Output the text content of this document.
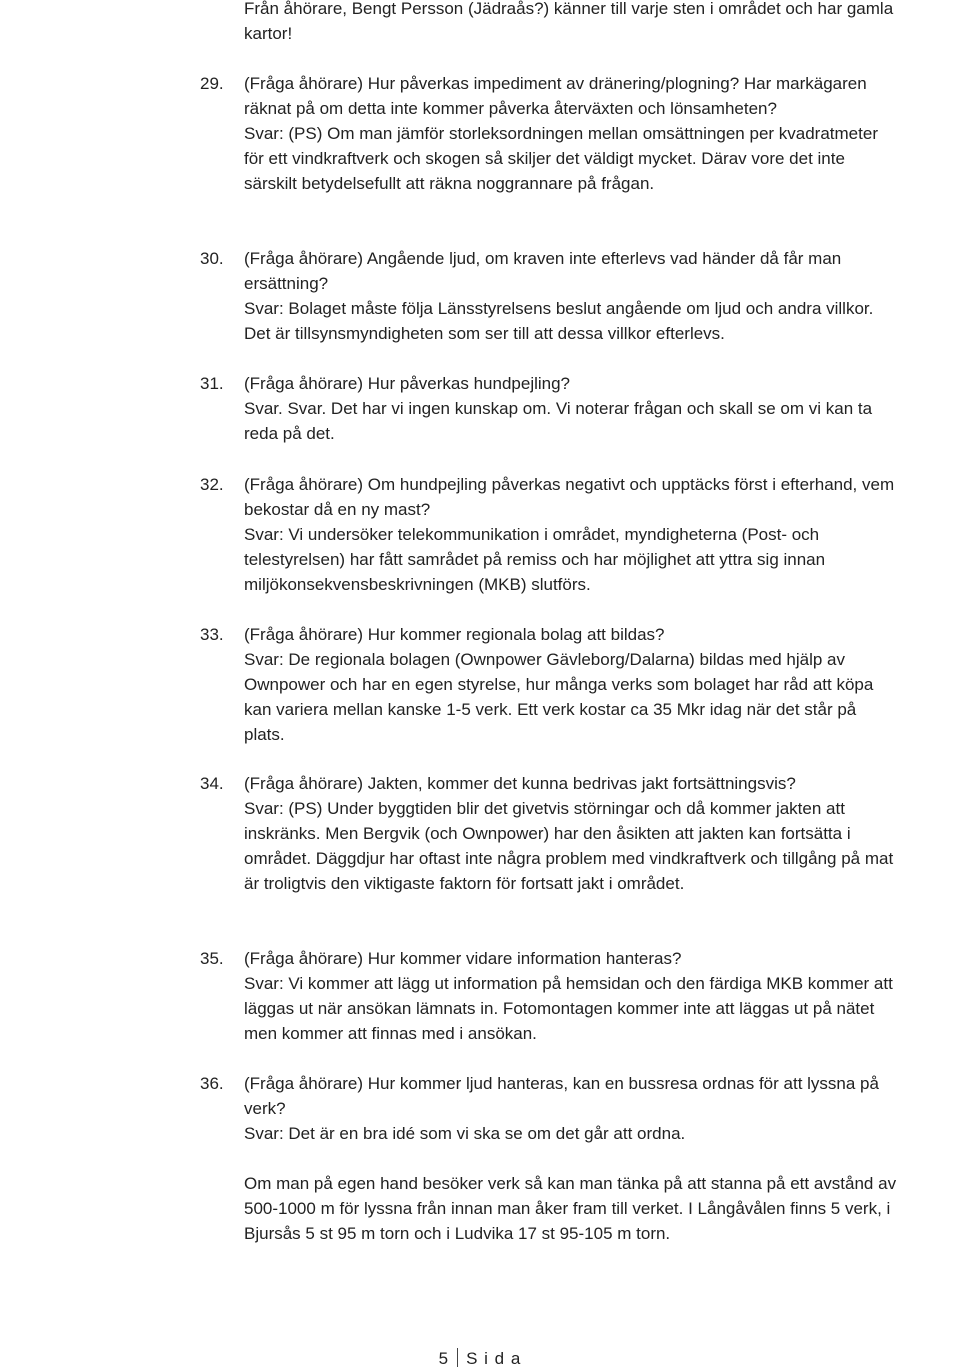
Från åhörare, Bengt Persson (Jädraås?) känner till varje sten i området och har gamla kartor!
29.	(Fråga åhörare) Hur påverkas impediment av dränering/plogning? Har markägaren räknat på om detta inte kommer påverka återväxten och lönsamheten?

Svar: (PS) Om man jämför storleksordningen mellan omsättningen per kvadratmeter för ett vindkraftverk och skogen så skiljer det väldigt mycket. Därav vore det inte särskilt betydelsefullt att räkna noggrannare på frågan.

30.	(Fråga åhörare) Angående ljud, om kraven inte efterlevs vad händer då får man ersättning?

Svar: Bolaget måste följa Länsstyrelsens beslut angående om ljud och andra villkor. Det är tillsynsmyndigheten som ser till att dessa villkor efterlevs.

31.	(Fråga åhörare) Hur påverkas hundpejling?

Svar. Svar. Det har vi ingen kunskap om. Vi noterar frågan och skall se om vi kan ta reda på det.

32.	(Fråga åhörare) Om hundpejling påverkas negativt och upptäcks först i efterhand, vem bekostar då en ny mast?

Svar: Vi undersöker telekommunikation i området, myndigheterna (Post- och telestyrelsen) har fått samrådet på remiss och har möjlighet att yttra sig innan miljökonsekvensbeskrivningen (MKB) slutförs.

33.	(Fråga åhörare) Hur kommer regionala bolag att bildas?

Svar: De regionala bolagen (Ownpower Gävleborg/Dalarna) bildas med hjälp av Ownpower och har en egen styrelse, hur många verks som bolaget har råd att köpa kan variera mellan kanske 1-5 verk. Ett verk kostar ca 35 Mkr idag när det står på plats.

34.	(Fråga åhörare) Jakten, kommer det kunna bedrivas jakt fortsättningsvis?

Svar: (PS) Under byggtiden blir det givetvis störningar och då kommer jakten att inskränks. Men Bergvik (och Ownpower) har den åsikten att jakten kan fortsätta i området. Däggdjur har oftast inte några problem med vindkraftverk och tillgång på mat är troligtvis den viktigaste faktorn för fortsatt jakt i området.

35.	(Fråga åhörare) Hur kommer vidare information hanteras?

Svar: Vi kommer att lägg ut information på hemsidan och den färdiga MKB kommer att läggas ut när ansökan lämnats in. Fotomontagen kommer inte att läggas ut på nätet men kommer att finnas med i ansökan.

36.	(Fråga åhörare) Hur kommer ljud hanteras, kan en bussresa ordnas för att lyssna på verk?

Svar: Det är en bra idé som vi ska se om det går att ordna.

Om man på egen hand besöker verk så kan man tänka på att stanna på ett avstånd av 500-1000 m för lyssna från innan man åker fram till verket. I Långåvålen finns 5 verk, i Bjursås 5 st 95 m torn och i Ludvika 17 st 95-105 m torn.

5 S i d a
